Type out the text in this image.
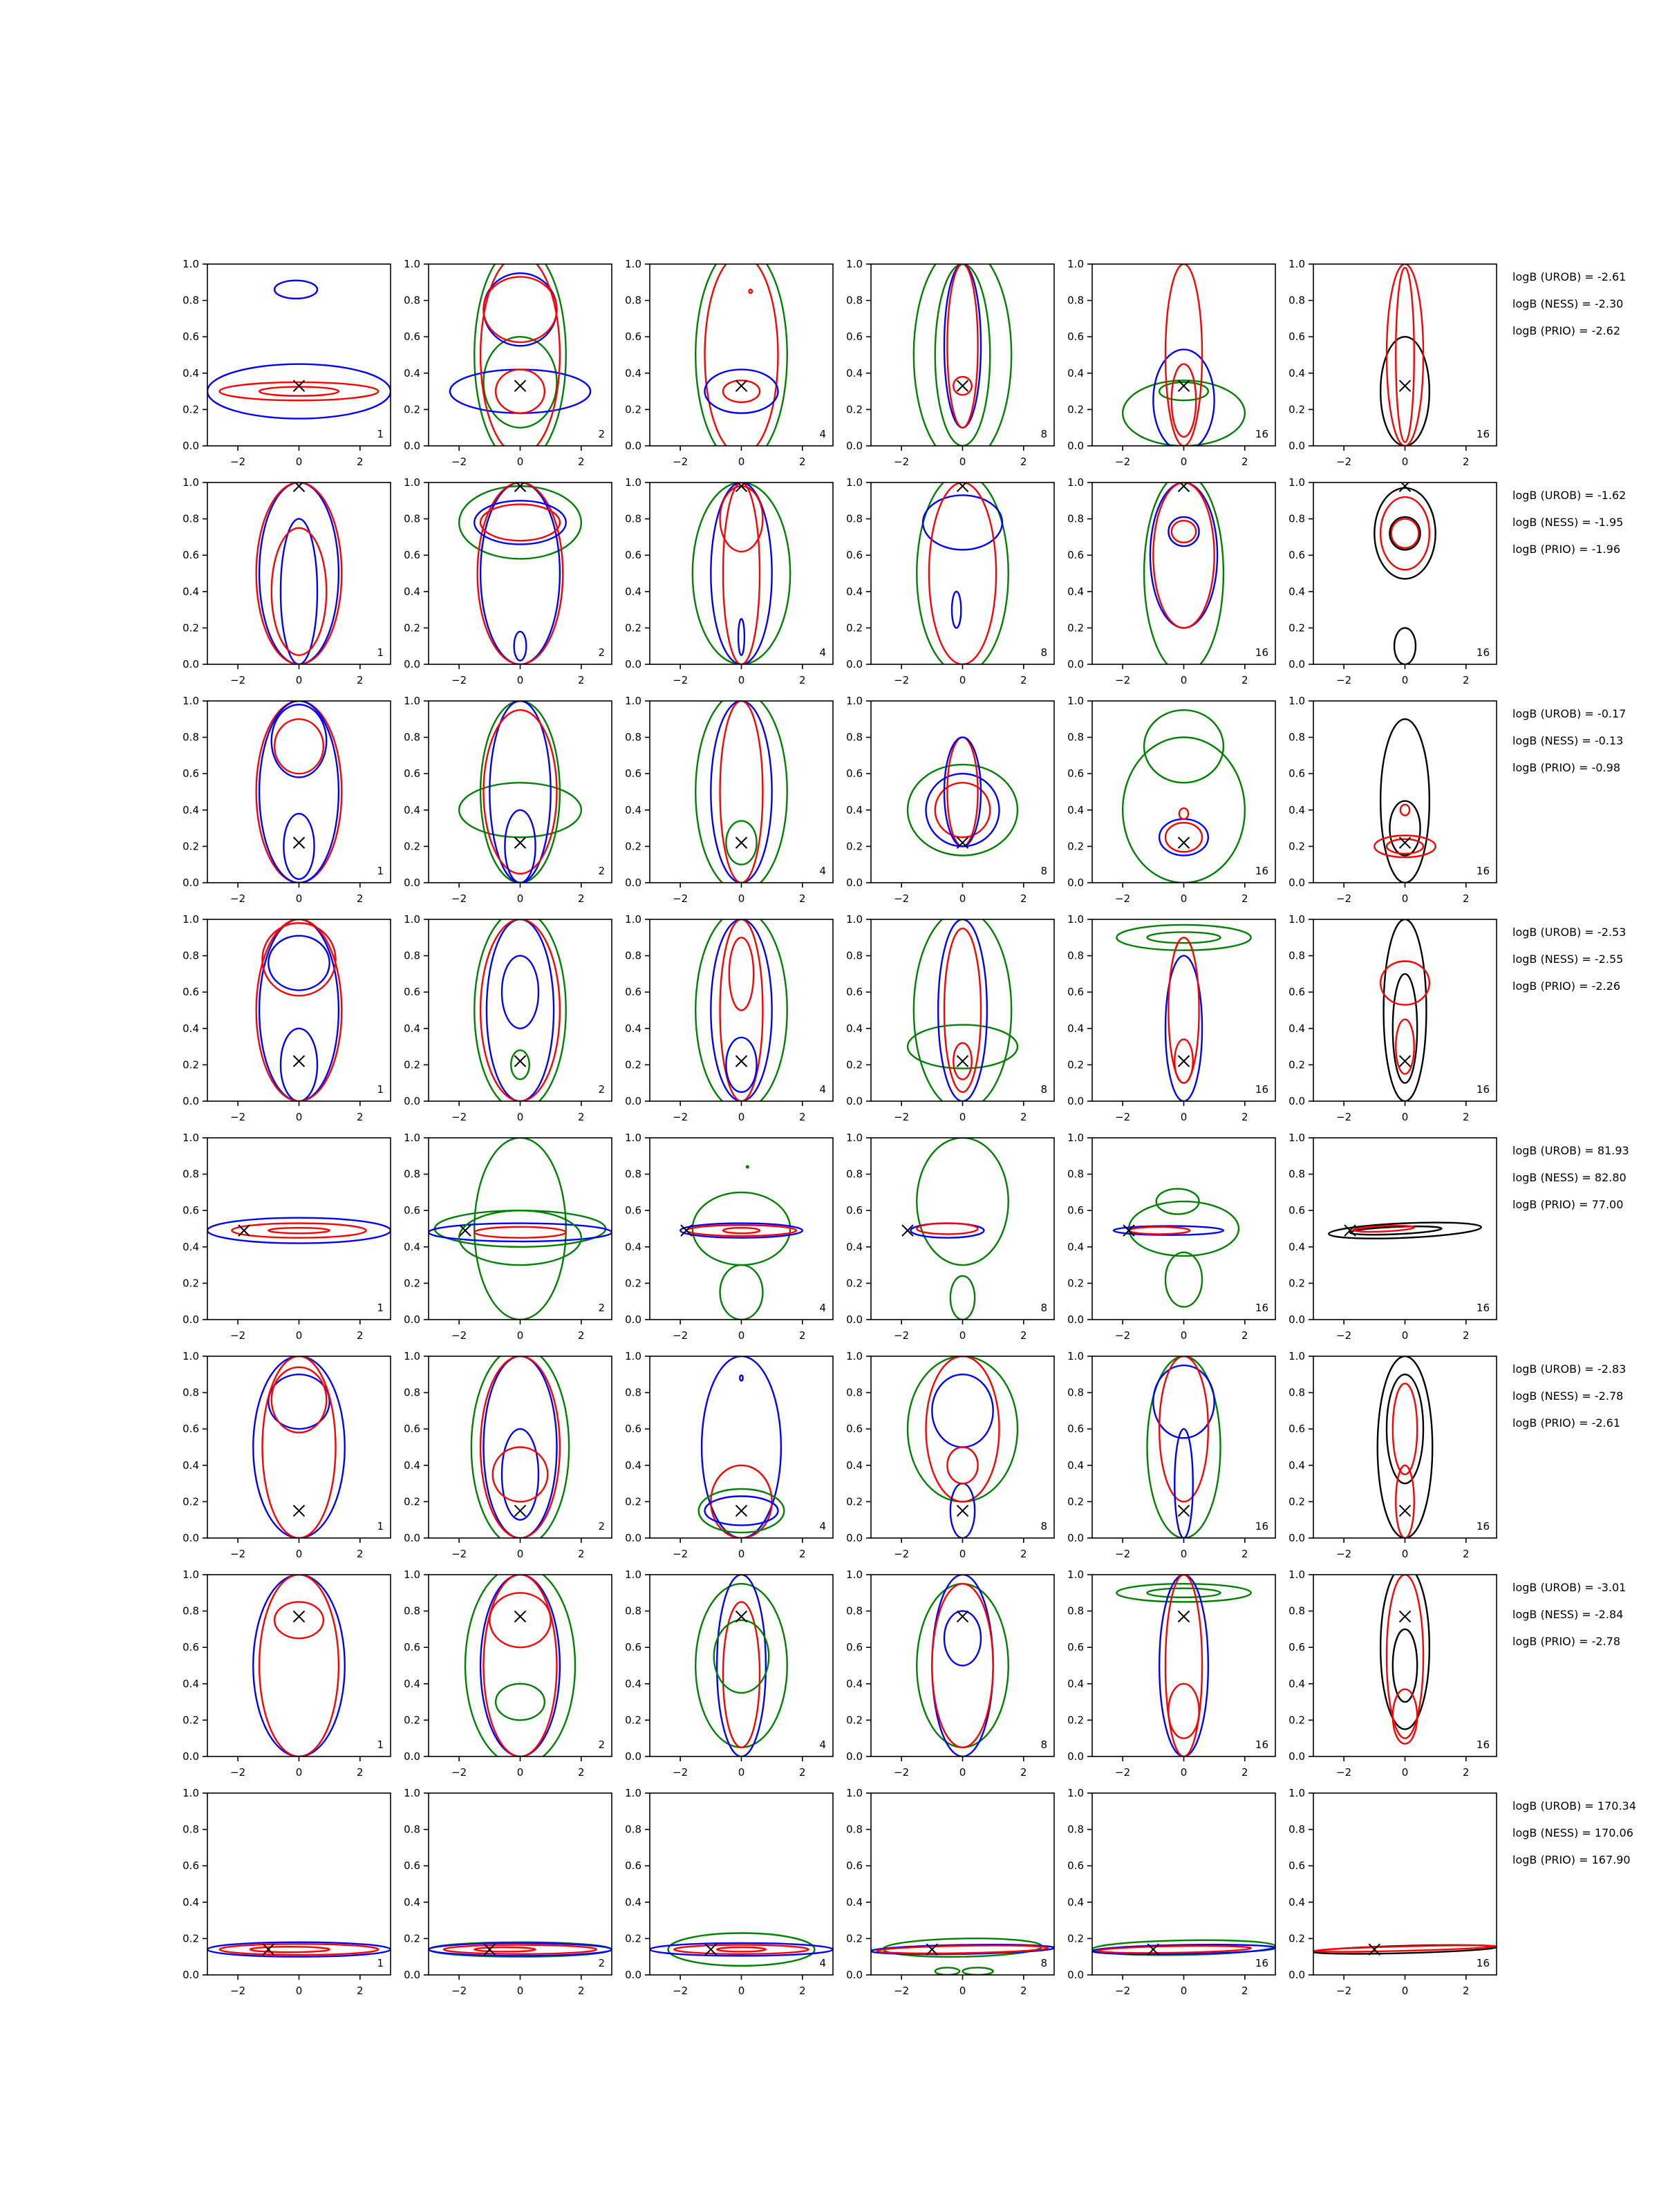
−2	0	2
0.0
0.2
0.4
0.6
0.8
1.0
1
−2	0	2
0.0
0.2
0.4
0.6
0.8
1.0
2
−2	0	2
0.0
0.2
0.4
0.6
0.8
1.0
4
−2	0	2
0.0
0.2
0.4
0.6
0.8
1.0
8
−2	0	2
0.0
0.2
0.4
0.6
0.8
1.0
16
−2	0	2
0.0
0.2
0.4
0.6
0.8
1.0
16
logB (UROB) = -2.61
logB (NESS) = -2.30
logB (PRIO) = -2.62
−2	0	2
0.0
0.2
0.4
0.6
0.8
1.0
1
−2	0	2
0.0
0.2
0.4
0.6
0.8
1.0
2
−2	0	2
0.0
0.2
0.4
0.6
0.8
1.0
4
−2	0	2
0.0
0.2
0.4
0.6
0.8
1.0
8
−2	0	2
0.0
0.2
0.4
0.6
0.8
1.0
16
−2	0	2
0.0
0.2
0.4
0.6
0.8
1.0
16
logB (UROB) = -1.62
logB (NESS) = -1.95
logB (PRIO) = -1.96
−2	0	2
0.0
0.2
0.4
0.6
0.8
1.0
1
−2	0	2
0.0
0.2
0.4
0.6
0.8
1.0
2
−2	0	2
0.0
0.2
0.4
0.6
0.8
1.0
4
−2	0	2
0.0
0.2
0.4
0.6
0.8
1.0
8
−2	0	2
0.0
0.2
0.4
0.6
0.8
1.0
16
−2	0	2
0.0
0.2
0.4
0.6
0.8
1.0
16
logB (UROB) = -0.17
logB (NESS) = -0.13
logB (PRIO) = -0.98
−2	0	2
0.0
0.2
0.4
0.6
0.8
1.0
1
−2	0	2
0.0
0.2
0.4
0.6
0.8
1.0
2
−2	0	2
0.0
0.2
0.4
0.6
0.8
1.0
4
−2	0	2
0.0
0.2
0.4
0.6
0.8
1.0
8
−2	0	2
0.0
0.2
0.4
0.6
0.8
1.0
16
−2	0	2
0.0
0.2
0.4
0.6
0.8
1.0
16
logB (UROB) = -2.53
logB (NESS) = -2.55
logB (PRIO) = -2.26
−2	0	2
0.0
0.2
0.4
0.6
0.8
1.0
1
−2	0	2
0.0
0.2
0.4
0.6
0.8
1.0
2
−2	0	2
0.0
0.2
0.4
0.6
0.8
1.0
4
−2	0	2
0.0
0.2
0.4
0.6
0.8
1.0
8
−2	0	2
0.0
0.2
0.4
0.6
0.8
1.0
16
−2	0	2
0.0
0.2
0.4
0.6
0.8
1.0
16
logB (UROB) = 81.93
logB (NESS) = 82.80
logB (PRIO) = 77.00
−2	0	2
0.0
0.2
0.4
0.6
0.8
1.0
1
−2	0	2
0.0
0.2
0.4
0.6
0.8
1.0
2
−2	0	2
0.0
0.2
0.4
0.6
0.8
1.0
4
−2	0	2
0.0
0.2
0.4
0.6
0.8
1.0
8
−2	0	2
0.0
0.2
0.4
0.6
0.8
1.0
16
−2	0	2
0.0
0.2
0.4
0.6
0.8
1.0
16
logB (UROB) = -2.83
logB (NESS) = -2.78
logB (PRIO) = -2.61
−2	0	2
0.0
0.2
0.4
0.6
0.8
1.0
1
−2	0	2
0.0
0.2
0.4
0.6
0.8
1.0
2
−2	0	2
0.0
0.2
0.4
0.6
0.8
1.0
4
−2	0	2
0.0
0.2
0.4
0.6
0.8
1.0
8
−2	0	2
0.0
0.2
0.4
0.6
0.8
1.0
16
−2	0	2
0.0
0.2
0.4
0.6
0.8
1.0
16
logB (UROB) = -3.01
logB (NESS) = -2.84
logB (PRIO) = -2.78
−2	0	2
0.0
0.2
0.4
0.6
0.8
1.0
1
−2	0	2
0.0
0.2
0.4
0.6
0.8
1.0
2
−2	0	2
0.0
0.2
0.4
0.6
0.8
1.0
4
−2	0	2
0.0
0.2
0.4
0.6
0.8
1.0
8
−2	0	2
0.0
0.2
0.4
0.6
0.8
1.0
16
−2	0	2
0.0
0.2
0.4
0.6
0.8
1.0
16
logB (UROB) = 170.34
logB (NESS) = 170.06
logB (PRIO) = 167.90
